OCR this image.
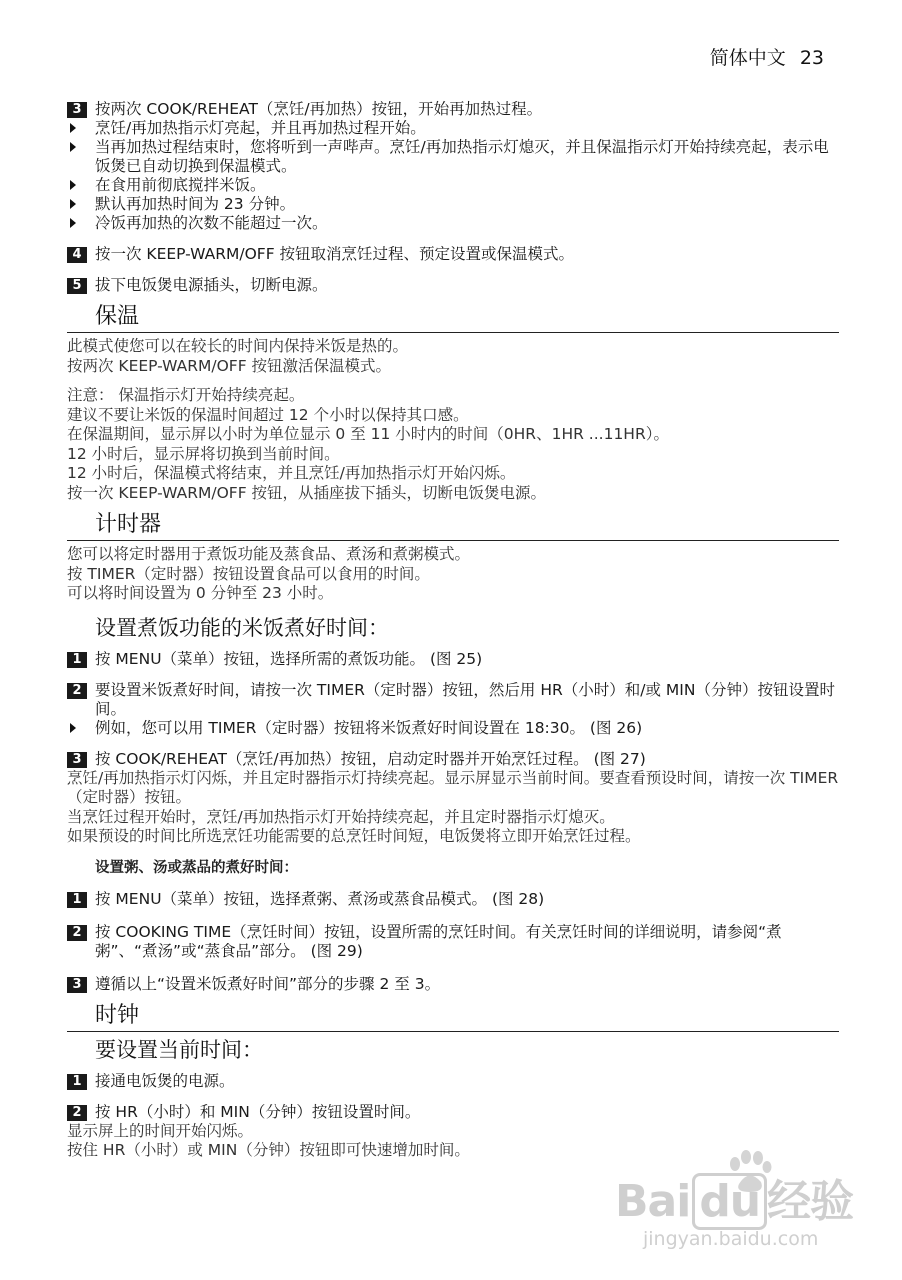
简体中文 23
3 按两次 COOK/REHEAT（烹饪/再加热）按钮，开始再加热过程。
烹饪/再加热指示灯亮起，并且再加热过程开始。
当再加热过程结束时，您将听到一声哔声。烹饪/再加热指示灯熄灭，并且保温指示灯开始持续亮起，表示电饭煲已自动切换到保温模式。
在食用前彻底搅拌米饭。
默认再加热时间为 23 分钟。
冷饭再加热的次数不能超过一次。
4 按一次 KEEP-WARM/OFF 按钮取消烹饪过程、预定设置或保温模式。
5 拔下电饭煲电源插头，切断电源。
保温
此模式使您可以在较长的时间内保持米饭是热的。
按两次 KEEP-WARM/OFF 按钮激活保温模式。
注意： 保温指示灯开始持续亮起。
建议不要让米饭的保温时间超过 12 个小时以保持其口感。
在保温期间，显示屏以小时为单位显示 0 至 11 小时内的时间（0HR、1HR ...11HR）。
12 小时后，显示屏将切换到当前时间。
12 小时后，保温模式将结束，并且烹饪/再加热指示灯开始闪烁。
按一次 KEEP-WARM/OFF 按钮，从插座拔下插头，切断电饭煲电源。
计时器
您可以将定时器用于煮饭功能及蒸食品、煮汤和煮粥模式。
按 TIMER（定时器）按钮设置食品可以食用的时间。
可以将时间设置为 0 分钟至 23 小时。
设置煮饭功能的米饭煮好时间：
1 按 MENU（菜单）按钮，选择所需的煮饭功能。 (图 25)
2 要设置米饭煮好时间，请按一次 TIMER（定时器）按钮，然后用 HR（小时）和/或 MIN（分钟）按钮设置时间。
例如，您可以用 TIMER（定时器）按钮将米饭煮好时间设置在 18:30。 (图 26)
3 按 COOK/REHEAT（烹饪/再加热）按钮，启动定时器并开始烹饪过程。 (图 27)
烹饪/再加热指示灯闪烁，并且定时器指示灯持续亮起。显示屏显示当前时间。要查看预设时间，请按一次 TIMER（定时器）按钮。
当烹饪过程开始时，烹饪/再加热指示灯开始持续亮起，并且定时器指示灯熄灭。
如果预设的时间比所选烹饪功能需要的总烹饪时间短，电饭煲将立即开始烹饪过程。
设置粥、汤或蒸品的煮好时间：
1 按 MENU（菜单）按钮，选择煮粥、煮汤或蒸食品模式。 (图 28)
2 按 COOKING TIME（烹饪时间）按钮，设置所需的烹饪时间。有关烹饪时间的详细说明，请参阅“煮粥”、“煮汤”或“蒸食品”部分。 (图 29)
3 遵循以上“设置米饭煮好时间”部分的步骤 2 至 3。
时钟
要设置当前时间：
1 接通电饭煲的电源。
2 按 HR（小时）和 MIN（分钟）按钮设置时间。
显示屏上的时间开始闪烁。
按住 HR（小时）或 MIN（分钟）按钮即可快速增加时间。
Bai du 经验
jingyan.baidu.com
